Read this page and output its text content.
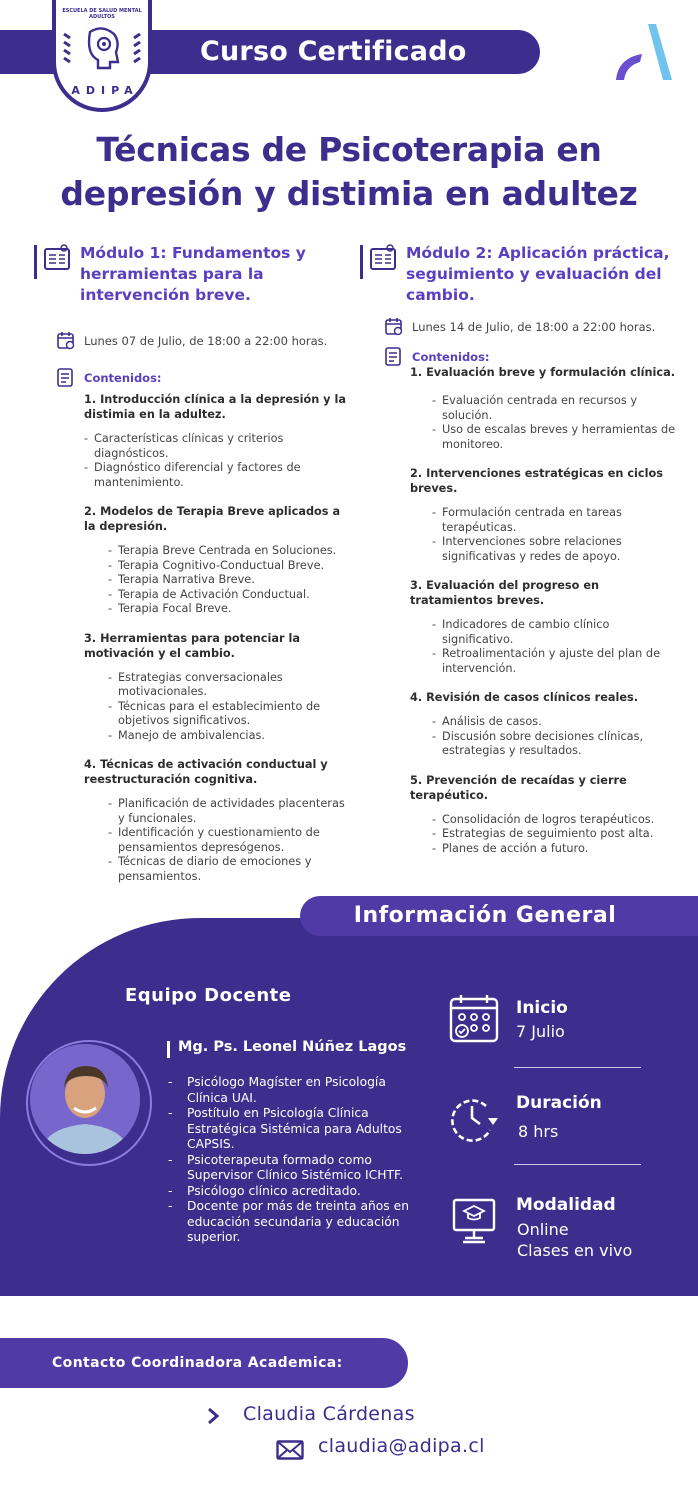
Curso Certificado
ESCUELA DE SALUD MENTAL ADULTOS
ADIPA
Técnicas de Psicoterapia en depresión y distimia en adultez
Módulo 1: Fundamentos y herramientas para la intervención breve.
Lunes 07 de Julio, de 18:00 a 22:00 horas.
Contenidos:
1. Introducción clínica a la depresión y la distimia en la adultez.
- Características clínicas y criterios diagnósticos.
- Diagnóstico diferencial y factores de mantenimiento.
2. Modelos de Terapia Breve aplicados a la depresión.
- Terapia Breve Centrada en Soluciones.
- Terapia Cognitivo-Conductual Breve.
- Terapia Narrativa Breve.
- Terapia de Activación Conductual.
- Terapia Focal Breve.
3. Herramientas para potenciar la motivación y el cambio.
- Estrategias conversacionales motivacionales.
- Técnicas para el establecimiento de objetivos significativos.
- Manejo de ambivalencias.
4. Técnicas de activación conductual y reestructuración cognitiva.
- Planificación de actividades placenteras y funcionales.
- Identificación y cuestionamiento de pensamientos depresógenos.
- Técnicas de diario de emociones y pensamientos.
Módulo 2: Aplicación práctica, seguimiento y evaluación del cambio.
Lunes 14 de Julio, de 18:00 a 22:00 horas.
Contenidos:
1. Evaluación breve y formulación clínica.
- Evaluación centrada en recursos y solución.
- Uso de escalas breves y herramientas de monitoreo.
2. Intervenciones estratégicas en ciclos breves.
- Formulación centrada en tareas terapéuticas.
- Intervenciones sobre relaciones significativas y redes de apoyo.
3. Evaluación del progreso en tratamientos breves.
- Indicadores de cambio clínico significativo.
- Retroalimentación y ajuste del plan de intervención.
4. Revisión de casos clínicos reales.
- Análisis de casos.
- Discusión sobre decisiones clínicas, estrategias y resultados.
5. Prevención de recaídas y cierre terapéutico.
- Consolidación de logros terapéuticos.
- Estrategias de seguimiento post alta.
- Planes de acción a futuro.
Información General
Equipo Docente
Mg. Ps. Leonel Núñez Lagos
- Psicólogo Magíster en Psicología Clínica UAI.
- Postítulo en Psicología Clínica Estratégica Sistémica para Adultos CAPSIS.
- Psicoterapeuta formado como Supervisor Clínico Sistémico ICHTF.
- Psicólogo clínico acreditado.
- Docente por más de treinta años en educación secundaria y educación superior.
Inicio
7 Julio
Duración
8 hrs
Modalidad
Online
Clases en vivo
Contacto Coordinadora Academica:
Claudia Cárdenas
claudia@adipa.cl
